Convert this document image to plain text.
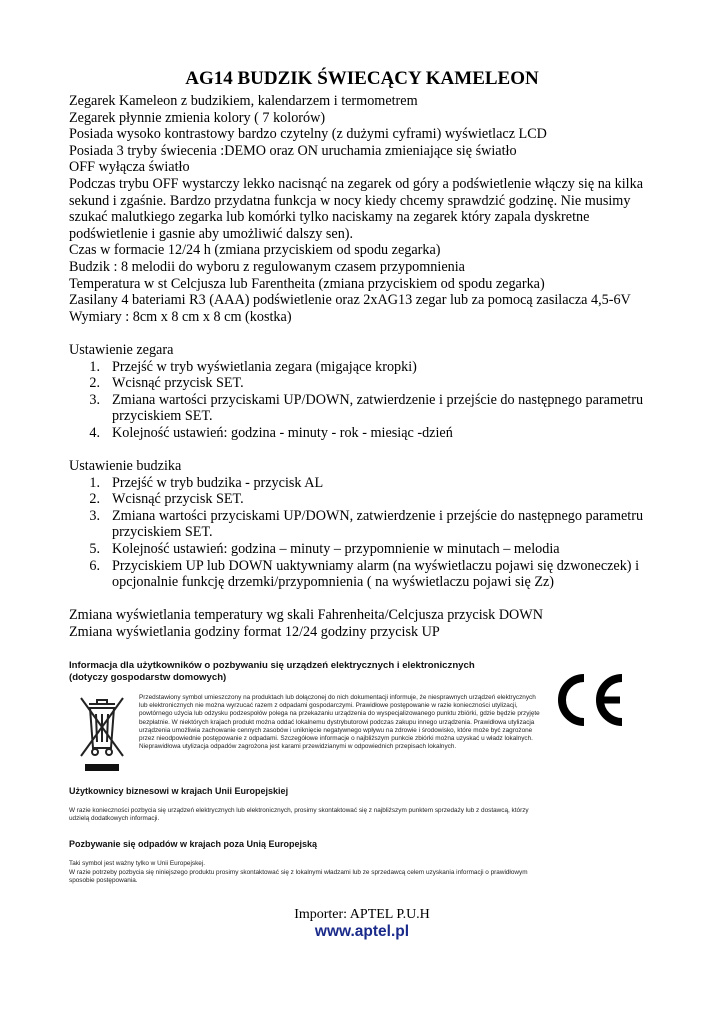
AG14 BUDZIK ŚWIECĄCY KAMELEON

Zegarek Kameleon z budzikiem, kalendarzem i termometrem

Zegarek płynnie zmienia kolory ( 7 kolorów)

Posiada wysoko kontrastowy bardzo czytelny (z dużymi cyframi) wyświetlacz LCD

Posiada 3 tryby świecenia :DEMO oraz ON uruchamia zmieniające się światło

OFF wyłącza światło

Podczas trybu OFF wystarczy lekko nacisnąć na zegarek od góry a podświetlenie włączy się na kilka sekund i zgaśnie. Bardzo przydatna funkcja w nocy kiedy chcemy sprawdzić godzinę. Nie musimy szukać malutkiego zegarka lub komórki tylko naciskamy na zegarek który zapala dyskretne podświetlenie i gasnie aby umożliwić dalszy sen).

Czas w formacie 12/24 h (zmiana przyciskiem od spodu zegarka)

Budzik : 8 melodii do wyboru z regulowanym czasem przypomnienia

Temperatura w st Celcjusza lub Farentheita (zmiana przyciskiem od spodu zegarka)

Zasilany 4 bateriami R3 (AAA) podświetlenie oraz 2xAG13 zegar lub za pomocą zasilacza 4,5-6V

Wymiary : 8cm x 8 cm x 8 cm (kostka)

Ustawienie zegara

1. Przejść w tryb wyświetlania zegara (migające kropki)
2. Wcisnąć przycisk SET.
3. Zmiana wartości przyciskami UP/DOWN, zatwierdzenie i przejście do następnego parametru przyciskiem SET.
4. Kolejność ustawień: godzina - minuty - rok - miesiąc -dzień

Ustawienie budzika

1. Przejść w tryb budzika - przycisk AL
2. Wcisnąć przycisk SET.
3. Zmiana wartości przyciskami UP/DOWN, zatwierdzenie i przejście do następnego parametru przyciskiem SET.
5. Kolejność ustawień: godzina – minuty – przypomnienie w minutach – melodia
6. Przyciskiem UP lub DOWN uaktywniamy alarm (na wyświetlaczu pojawi się dzwoneczek) i opcjonalnie funkcję drzemki/przypomnienia ( na wyświetlaczu pojawi się Zz)

Zmiana wyświetlania temperatury wg skali Fahrenheita/Celcjusza przycisk DOWN

Zmiana wyświetlania godziny format 12/24 godziny przycisk UP

Informacja dla użytkowników o pozbywaniu się urządzeń elektrycznych i elektronicznych

(dotyczy gospodarstw domowych)

Przedstawiony symbol umieszczony na produktach lub dołączonej do nich dokumentacji informuje, że niesprawnych urządzeń elektrycznych lub elektronicznych nie można wyrzucać razem z odpadami gospodarczymi. Prawidłowe postępowanie w razie konieczności utylizacji, powtórnego użycia lub odzysku podzespołów polega na przekazaniu urządzenia do wyspecjalizowanego punktu zbiórki, gdzie będzie przyjęte bezpłatnie. W niektórych krajach produkt można oddać lokalnemu dystrybutorowi podczas zakupu innego urządzenia. Prawidłowa utylizacja urządzenia umożliwia zachowanie cennych zasobów i uniknięcie negatywnego wpływu na zdrowie i środowisko, które może być zagrożone przez nieodpowiednie postępowanie z odpadami. Szczegółowe informacje o najbliższym punkcie zbiórki można uzyskać u władz lokalnych. Nieprawidłowa utylizacja odpadów zagrożona jest karami przewidzianymi w odpowiednich przepisach lokalnych.

Użytkownicy biznesowi w krajach Unii Europejskiej

W razie konieczności pozbycia się urządzeń elektrycznych lub elektronicznych, prosimy skontaktować się z najbliższym punktem sprzedaży lub z dostawcą, którzy udzielą dodatkowych informacji.

Pozbywanie się odpadów w krajach poza Unią Europejską

Taki symbol jest ważny tylko w Unii Europejskej.

W razie potrzeby pozbycia się niniejszego produktu prosimy skontaktować się z lokalnymi władzami lub ze sprzedawcą celem uzyskania informacji o prawidłowym sposobie postępowania.

Importer: APTEL P.U.H

www.aptel.pl
